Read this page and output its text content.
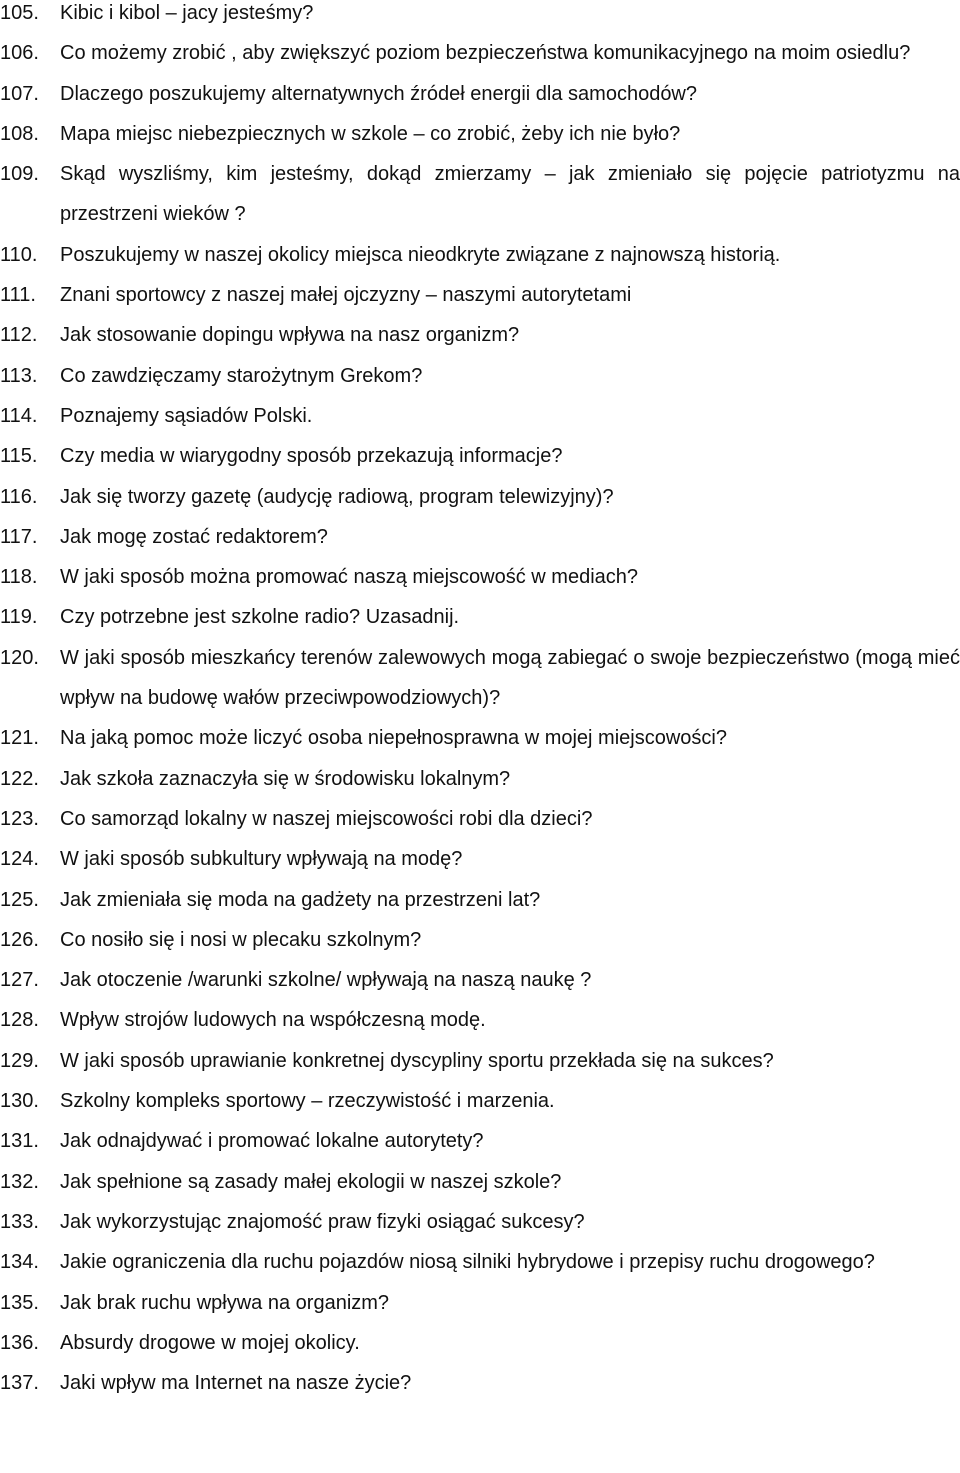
105.	Kibic i kibol – jacy jesteśmy?
106.	Co możemy zrobić , aby zwiększyć poziom bezpieczeństwa komunikacyjnego na moim osiedlu?
107.	Dlaczego poszukujemy alternatywnych źródeł energii dla samochodów?
108.	Mapa miejsc niebezpiecznych w szkole – co zrobić, żeby ich nie było?
109.	Skąd wyszliśmy, kim jesteśmy, dokąd zmierzamy – jak zmieniało się pojęcie patriotyzmu na przestrzeni wieków ?
110.	Poszukujemy w naszej okolicy miejsca nieodkryte związane z najnowszą historią.
111.	Znani sportowcy z naszej małej ojczyzny – naszymi autorytetami
112.	Jak stosowanie dopingu wpływa na nasz organizm?
113.	Co zawdzięczamy starożytnym Grekom?
114.	Poznajemy sąsiadów Polski.
115.	Czy media w wiarygodny sposób przekazują informacje?
116.	Jak się tworzy gazetę (audycję radiową, program telewizyjny)?
117.	Jak mogę zostać redaktorem?
118.	W jaki sposób można promować naszą miejscowość w mediach?
119.	Czy potrzebne jest szkolne radio? Uzasadnij.
120.	W jaki sposób mieszkańcy terenów zalewowych mogą zabiegać o swoje bezpieczeństwo (mogą mieć wpływ na budowę wałów przeciwpowodziowych)?
121.	Na jaką pomoc może liczyć osoba niepełnosprawna w mojej miejscowości?
122.	Jak szkoła zaznaczyła się w środowisku lokalnym?
123.	Co samorząd lokalny w naszej miejscowości robi dla dzieci?
124.	W jaki sposób subkultury wpływają na modę?
125.	Jak zmieniała się moda na gadżety na przestrzeni lat?
126.	Co nosiło się i nosi w plecaku szkolnym?
127.	Jak otoczenie /warunki szkolne/ wpływają na naszą naukę ?
128.	Wpływ strojów ludowych na współczesną modę.
129.	W jaki sposób uprawianie konkretnej dyscypliny sportu przekłada się na sukces?
130.	Szkolny kompleks sportowy – rzeczywistość i marzenia.
131.	Jak odnajdywać i promować lokalne autorytety?
132.	Jak spełnione są zasady małej ekologii w naszej szkole?
133.	Jak wykorzystując znajomość praw fizyki osiągać sukcesy?
134.	Jakie ograniczenia dla ruchu pojazdów niosą silniki hybrydowe i przepisy ruchu drogowego?
135.	Jak brak ruchu wpływa na organizm?
136.	Absurdy drogowe w mojej okolicy.
137.	Jaki wpływ ma Internet na nasze życie?
